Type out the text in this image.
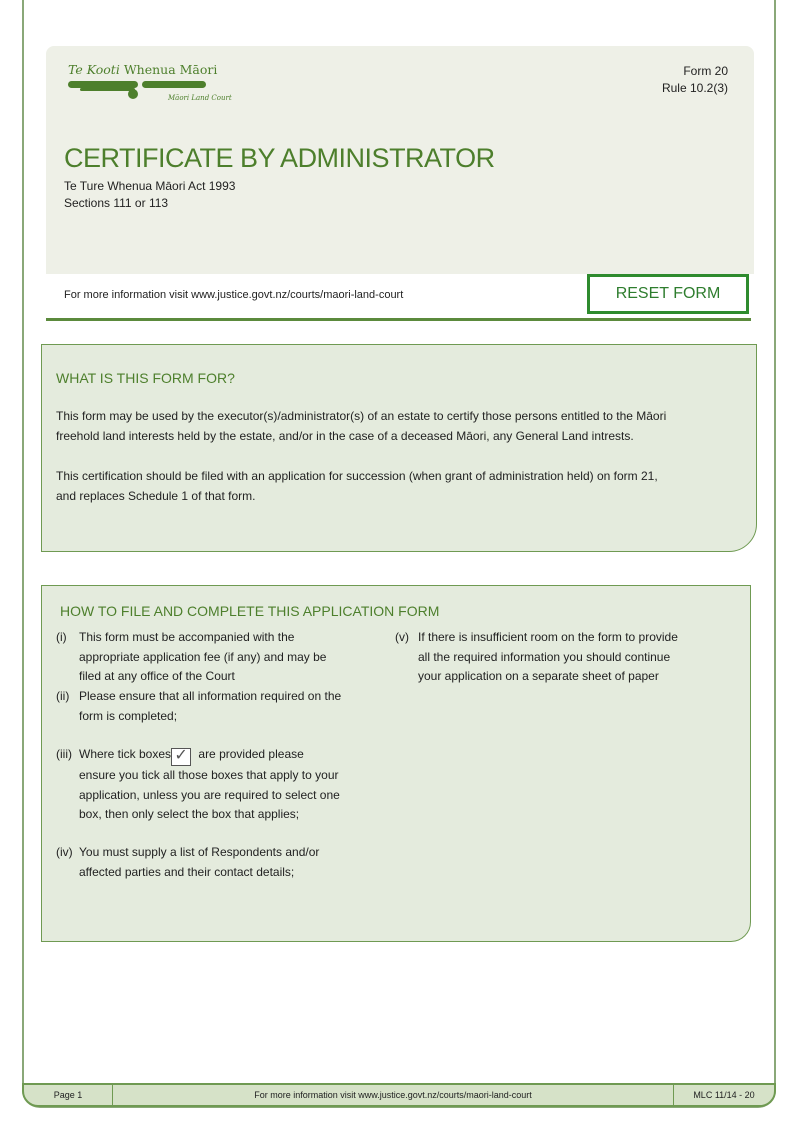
Te Kooti Whenua Māori
Māori Land Court
Form 20
Rule 10.2(3)
CERTIFICATE BY ADMINISTRATOR
Te Ture Whenua Māori Act 1993
Sections 111 or 113
For more information visit www.justice.govt.nz/courts/maori-land-court	RESET FORM
WHAT IS THIS FORM FOR?
This form may be used by the executor(s)/administrator(s) of an estate to certify those persons entitled to the Māori
freehold land interests held by the estate, and/or in the case of a deceased Māori, any General Land intrests.
This certification should be filed with an application for succession (when grant of administration held) on form 21,
and replaces Schedule 1 of that form.
HOW TO FILE AND COMPLETE THIS APPLICATION FORM
(i) This form must be accompanied with the
appropriate application fee (if any) and may be
filed at any office of the Court
(ii) Please ensure that all information required on the
form is completed;
(iii) Where tick boxes ✓ are provided please
ensure you tick all those boxes that apply to your
application, unless you are required to select one
box, then only select the box that applies;
(iv) You must supply a list of Respondents and/or
affected parties and their contact details;
(v) If there is insufficient room on the form to provide
all the required information you should continue
your application on a separate sheet of paper
Page 1	For more information visit www.justice.govt.nz/courts/maori-land-court	MLC 11/14 - 20
